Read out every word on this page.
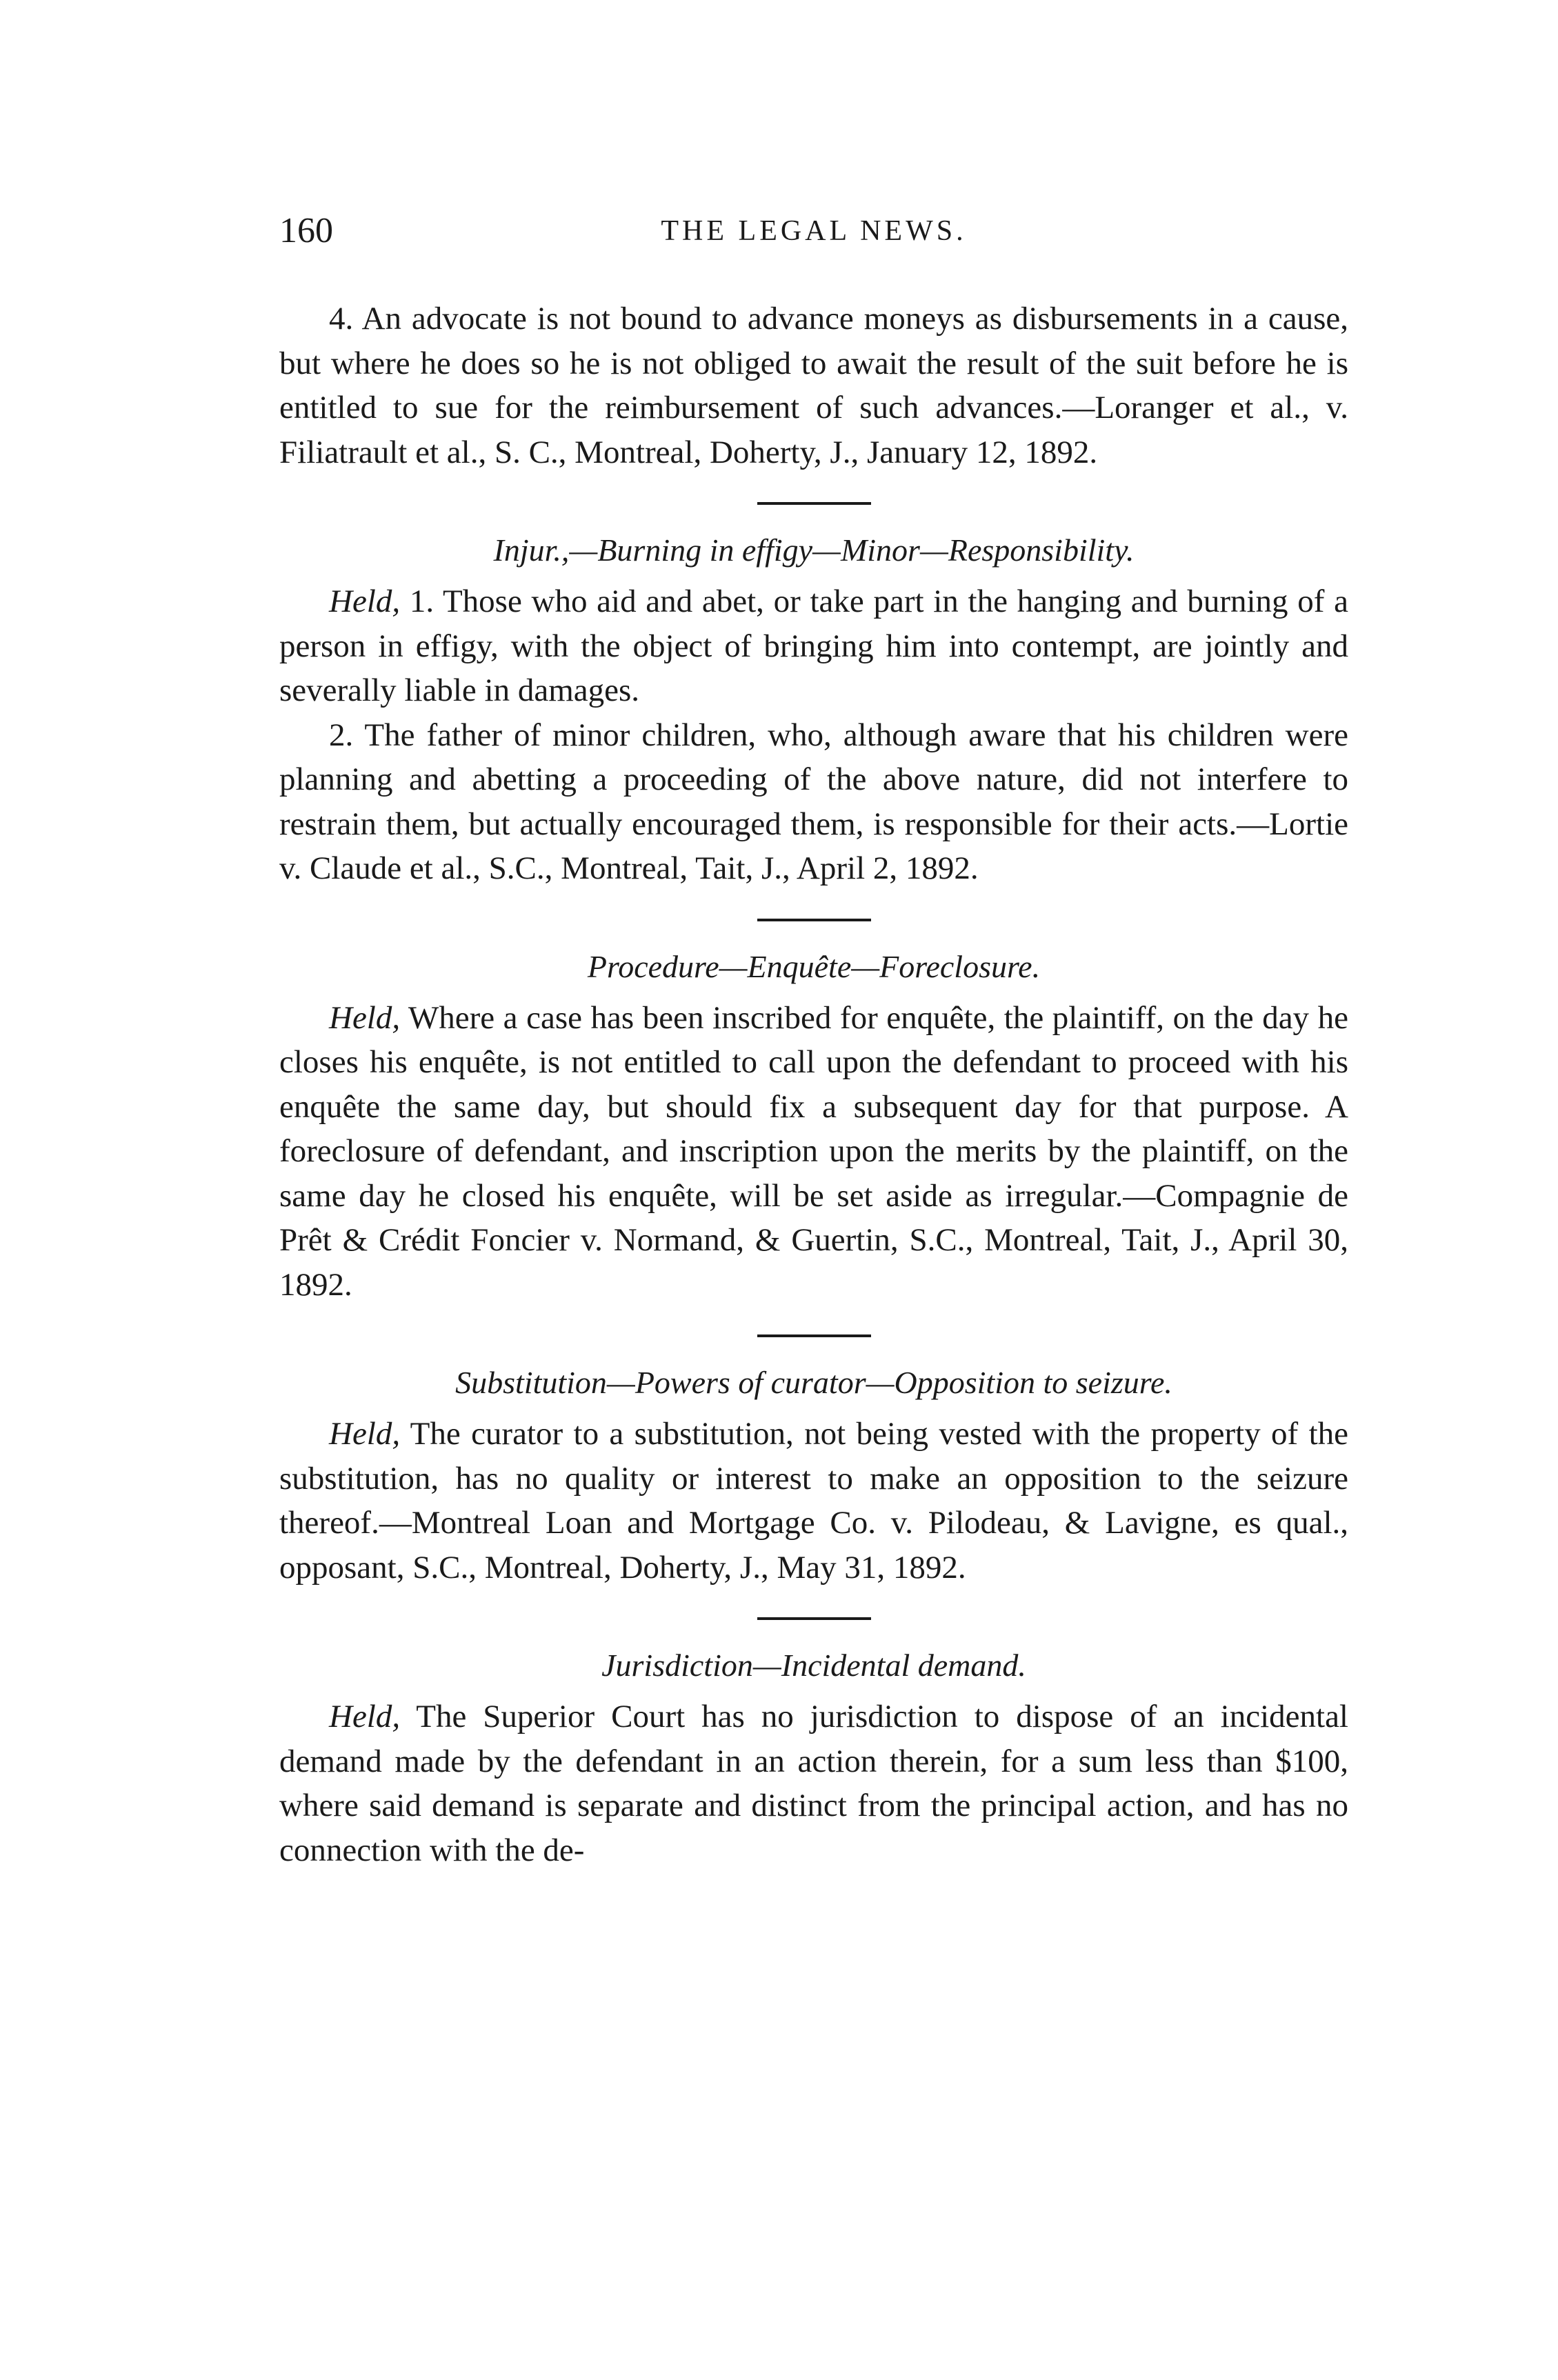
160	THE LEGAL NEWS.

4. An advocate is not bound to advance moneys as disbursements in a cause, but where he does so he is not obliged to await the result of the suit before he is entitled to sue for the reimbursement of such advances.—Loranger et al., v. Filiatrault et al., S. C., Montreal, Doherty, J., January 12, 1892.

Injur.,—Burning in effigy—Minor—Responsibility.

Held, 1. Those who aid and abet, or take part in the hanging and burning of a person in effigy, with the object of bringing him into contempt, are jointly and severally liable in damages.

2. The father of minor children, who, although aware that his children were planning and abetting a proceeding of the above nature, did not interfere to restrain them, but actually encouraged them, is responsible for their acts.—Lortie v. Claude et al., S.C., Montreal, Tait, J., April 2, 1892.

Procedure—Enquête—Foreclosure.

Held, Where a case has been inscribed for enquête, the plaintiff, on the day he closes his enquête, is not entitled to call upon the defendant to proceed with his enquête the same day, but should fix a subsequent day for that purpose. A foreclosure of defendant, and inscription upon the merits by the plaintiff, on the same day he closed his enquête, will be set aside as irregular.—Compagnie de Prêt & Crédit Foncier v. Normand, & Guertin, S.C., Montreal, Tait, J., April 30, 1892.

Substitution—Powers of curator—Opposition to seizure.

Held, The curator to a substitution, not being vested with the property of the substitution, has no quality or interest to make an opposition to the seizure thereof.—Montreal Loan and Mortgage Co. v. Pilodeau, & Lavigne, es qual., opposant, S.C., Montreal, Doherty, J., May 31, 1892.

Jurisdiction—Incidental demand.

Held, The Superior Court has no jurisdiction to dispose of an incidental demand made by the defendant in an action therein, for a sum less than $100, where said demand is separate and distinct from the principal action, and has no connection with the de-
